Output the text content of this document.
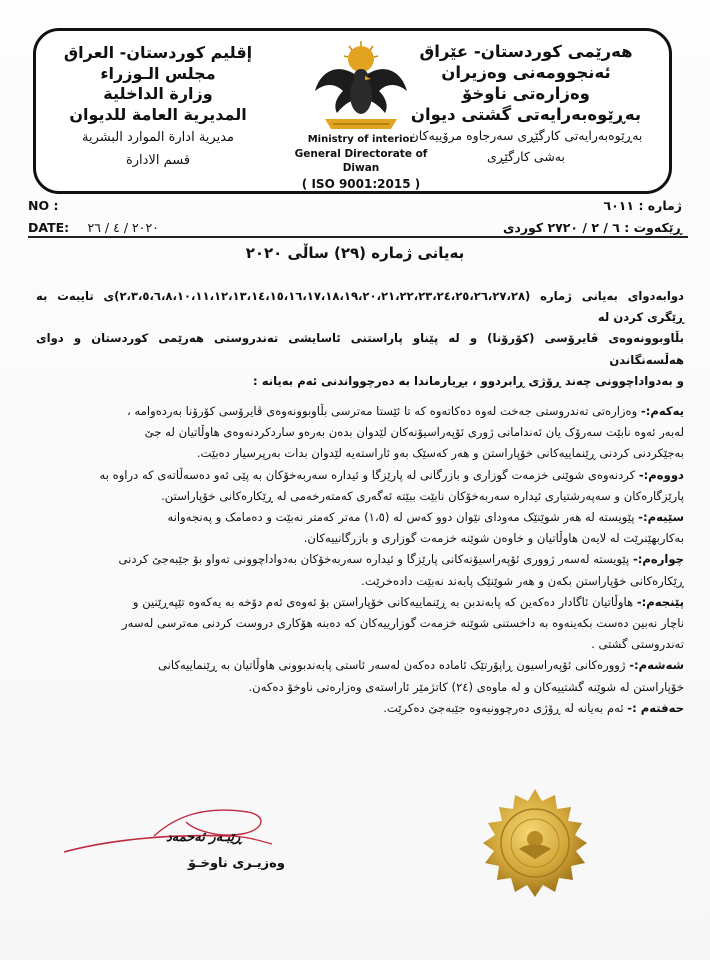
هەرێمی کوردستان- عێراق
ئەنجوومەنی وەزیران
وەزارەتی ناوخۆ
بەڕێوەبەرایەتی گشتی دیوان
بەڕێوەبەرایەتی کارگێڕی سەرجاوە مرۆییەکان
بەشی کارگێڕی
Ministry of interior
General Directorate of Diwan
( ISO 9001:2015 )
إقليم كوردستان- العراق
مجلس الـوزراء
وزارة الداخلية
المديرية العامة للديوان
مديرية ادارة الموارد البشرية
قسم الادارة
NO :	ژمارە : ٦٠١١
DATE: ٢٠٢٠ / ٤ / ٢٦	ڕێکەوت : ٦ / ٢ / ٢٧٢٠ کوردی
بەیانی ژمارە (٢٩) ساڵی ٢٠٢٠

دوابەدوای بەیانی ژمارە (٢،٣،٥،٦،٨،١٠،١١،١٢،١٣،١٤،١٥،١٦،١٧،١٨،١٩،٢٠،٢١،٢٢،٢٣،٢٤،٢٥،٢٦،٢٧،٢٨)ی تایبەت بە ڕێگری کردن لە

بڵاوبوونەوەی ڤایرۆسی (کۆرۆنا) و لە پێناو پاراستنی ئاسایشی تەندروستی هەرێمی کوردستان و دوای هەڵسەنگاندن

و بەدواداچوونی چەند ڕۆژی ڕابردوو ، بڕیارماندا بە دەرچوواندنی ئەم بەیانە :

یەکەم:- وەزارەتی تەندروستی جەخت لەوە دەکاتەوە کە تا ئێستا مەترسی بڵاوبوونەوەی ڤایرۆسی کۆرۆنا بەردەوامە ،

لەبەر ئەوە نابێت سەرۆک یان ئەندامانی ژوری ئۆپەراسیۆنەکان لێدوان بدەن بەرەو ساردکردنەوەی هاوڵاتیان لە جێ

بەجێکردنی کردنی ڕێنماییەکانی خۆپاراستن و هەر کەسێک بەو ئاراستەیە لێدوان بدات بەرپرسیار دەبێت.

دووەم:- کردنەوەی شوێنی خزمەت گوزاری و بازرگانی لە پارێزگا و ئیدارە سەربەخۆکان بە پێی ئەو دەسەڵاتەی کە دراوە بە

پارێزگارەکان و سەپەرشتیاری ئیدارە سەربەخۆکان نابێت ببێتە ئەگەری کەمتەرخەمی لە ڕێکارەکانی خۆپاراستن.

سێیەم:- پێویستە لە هەر شوێنێک مەودای نێوان دوو کەس لە (١،٥) مەتر کەمتر نەبێت و دەمامک و پەنجەوانە

بەکاربهێنرێت لە لایەن هاوڵاتیان و خاوەن شوێنە خزمەت گوزاری و بازرگانییەکان.

چوارەم:- پێویستە لەسەر ژووری ئۆپەراسیۆنەکانی پارێزگا و ئیدارە سەربەخۆکان بەدواداچوونی تەواو بۆ جێبەجێ کردنی

ڕێکارەکانی خۆپاراستن بکەن و هەر شوێنێک پابەند نەبێت دادەخرێت.

پێنجەم:- هاوڵاتیان ئاگادار دەکەین کە پابەندبن بە ڕێنماییەکانی خۆپاراستن بۆ ئەوەی ئەم دۆخە بە یەکەوە تێپەڕێنین و

ناچار نەبین دەست بکەینەوە بە داخستنی شوێنە خزمەت گوزارییەکان کە دەبنە هۆکاری دروست کردنی مەترسی لەسەر

تەندروستی گشتی .

شەشەم:- ژوورەکانی ئۆپەراسیون ڕاپۆرتێک ئامادە دەکەن لەسەر ئاستی پابەندبوونی هاوڵاتیان بە ڕێنماییەکانی

خۆپاراستن لە شوێنە گشتییەکان و لە ماوەی (٢٤) کاتژمێر ئاراستەی وەزارەتی ناوخۆ دەکەن.

حەفتەم :- ئەم بەیانە لە ڕۆژی دەرچوونیەوە جێبەجێ دەکرێت.

ڕێبـەر ئەحمەد
وەزیـری ناوخـۆ
